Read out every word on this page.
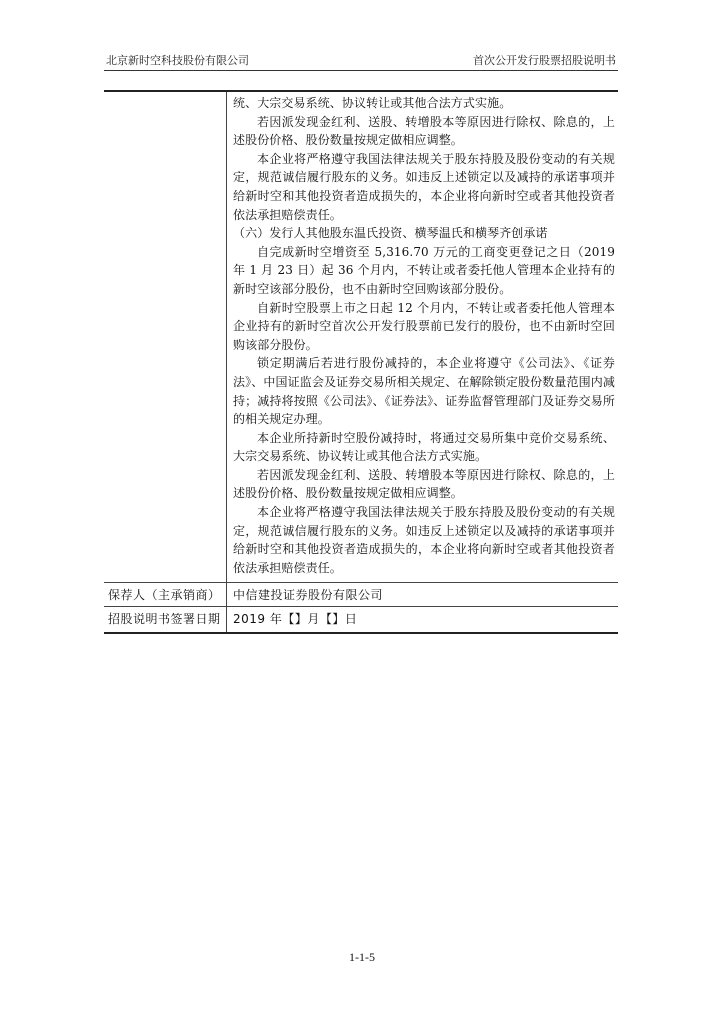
北京新时空科技股份有限公司	首次公开发行股票招股说明书

统、大宗交易系统、协议转让或其他合法方式实施。

若因派发现金红利、送股、转增股本等原因进行除权、除息的，上述股份价格、股份数量按规定做相应调整。

本企业将严格遵守我国法律法规关于股东持股及股份变动的有关规定，规范诚信履行股东的义务。如违反上述锁定以及减持的承诺事项并给新时空和其他投资者造成损失的，本企业将向新时空或者其他投资者依法承担赔偿责任。

（六）发行人其他股东温氏投资、横琴温氏和横琴齐创承诺

自完成新时空增资至 5,316.70 万元的工商变更登记之日（2019 年 1 月 23 日）起 36 个月内，不转让或者委托他人管理本企业持有的新时空该部分股份，也不由新时空回购该部分股份。

自新时空股票上市之日起 12 个月内，不转让或者委托他人管理本企业持有的新时空首次公开发行股票前已发行的股份，也不由新时空回购该部分股份。

锁定期满后若进行股份减持的，本企业将遵守《公司法》、《证券法》、中国证监会及证券交易所相关规定、在解除锁定股份数量范围内减持；减持将按照《公司法》、《证券法》、证券监督管理部门及证券交易所的相关规定办理。

本企业所持新时空股份减持时，将通过交易所集中竞价交易系统、大宗交易系统、协议转让或其他合法方式实施。

若因派发现金红利、送股、转增股本等原因进行除权、除息的，上述股份价格、股份数量按规定做相应调整。

本企业将严格遵守我国法律法规关于股东持股及股份变动的有关规定，规范诚信履行股东的义务。如违反上述锁定以及减持的承诺事项并给新时空和其他投资者造成损失的，本企业将向新时空或者其他投资者依法承担赔偿责任。

保荐人（主承销商） 中信建投证券股份有限公司
招股说明书签署日期 2019 年【】月【】日
1-1-5
